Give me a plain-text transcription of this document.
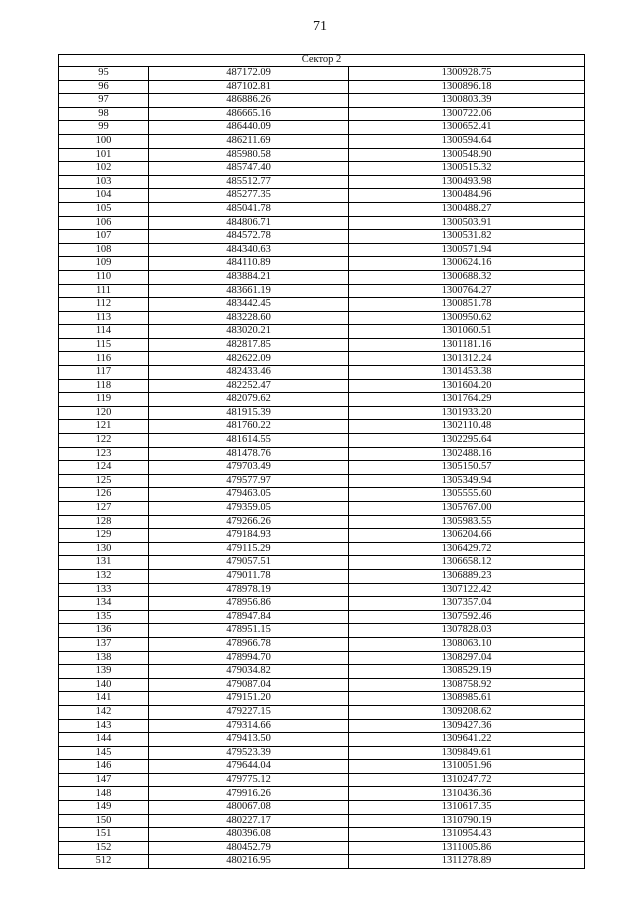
71
Сектор 2		
95	487172.09	1300928.75
96	487102.81	1300896.18
97	486886.26	1300803.39
98	486665.16	1300722.06
99	486440.09	1300652.41
100	486211.69	1300594.64
101	485980.58	1300548.90
102	485747.40	1300515.32
103	485512.77	1300493.98
104	485277.35	1300484.96
105	485041.78	1300488.27
106	484806.71	1300503.91
107	484572.78	1300531.82
108	484340.63	1300571.94
109	484110.89	1300624.16
110	483884.21	1300688.32
111	483661.19	1300764.27
112	483442.45	1300851.78
113	483228.60	1300950.62
114	483020.21	1301060.51
115	482817.85	1301181.16
116	482622.09	1301312.24
117	482433.46	1301453.38
118	482252.47	1301604.20
119	482079.62	1301764.29
120	481915.39	1301933.20
121	481760.22	1302110.48
122	481614.55	1302295.64
123	481478.76	1302488.16
124	479703.49	1305150.57
125	479577.97	1305349.94
126	479463.05	1305555.60
127	479359.05	1305767.00
128	479266.26	1305983.55
129	479184.93	1306204.66
130	479115.29	1306429.72
131	479057.51	1306658.12
132	479011.78	1306889.23
133	478978.19	1307122.42
134	478956.86	1307357.04
135	478947.84	1307592.46
136	478951.15	1307828.03
137	478966.78	1308063.10
138	478994.70	1308297.04
139	479034.82	1308529.19
140	479087.04	1308758.92
141	479151.20	1308985.61
142	479227.15	1309208.62
143	479314.66	1309427.36
144	479413.50	1309641.22
145	479523.39	1309849.61
146	479644.04	1310051.96
147	479775.12	1310247.72
148	479916.26	1310436.36
149	480067.08	1310617.35
150	480227.17	1310790.19
151	480396.08	1310954.43
152	480452.79	1311005.86
512	480216.95	1311278.89
